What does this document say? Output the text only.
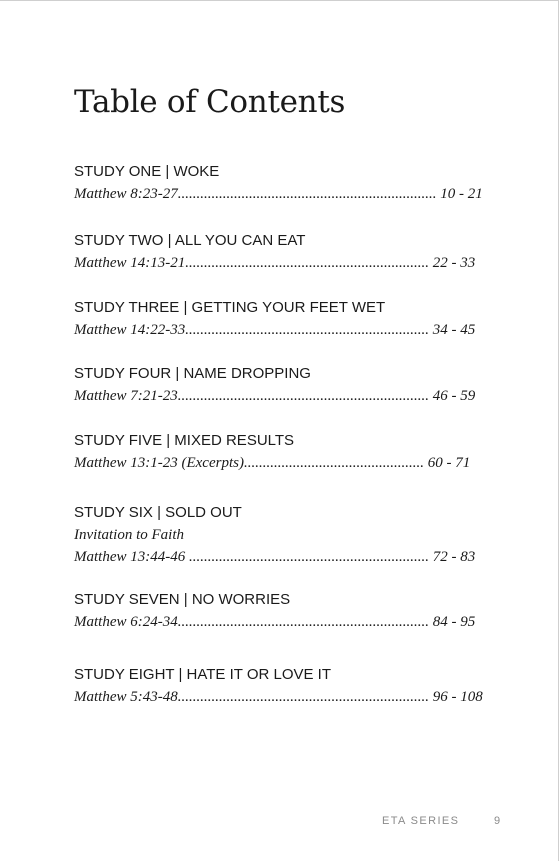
Table of Contents
STUDY ONE | WOKE
Matthew 8:23-27..................................................................... 10 - 21
STUDY TWO | ALL YOU CAN EAT
Matthew 14:13-21................................................................. 22 - 33
STUDY THREE | GETTING YOUR FEET WET
Matthew 14:22-33................................................................. 34 - 45
STUDY FOUR | NAME DROPPING
Matthew 7:21-23................................................................... 46 - 59
STUDY FIVE | MIXED RESULTS
Matthew 13:1-23 (Excerpts)................................................ 60 - 71
STUDY SIX | SOLD OUT
Invitation to Faith
Matthew 13:44-46 ................................................................ 72 - 83
STUDY SEVEN | NO WORRIES
Matthew 6:24-34................................................................... 84 - 95
STUDY EIGHT | HATE IT OR LOVE IT
Matthew 5:43-48................................................................... 96 - 108
ETA SERIES	9
